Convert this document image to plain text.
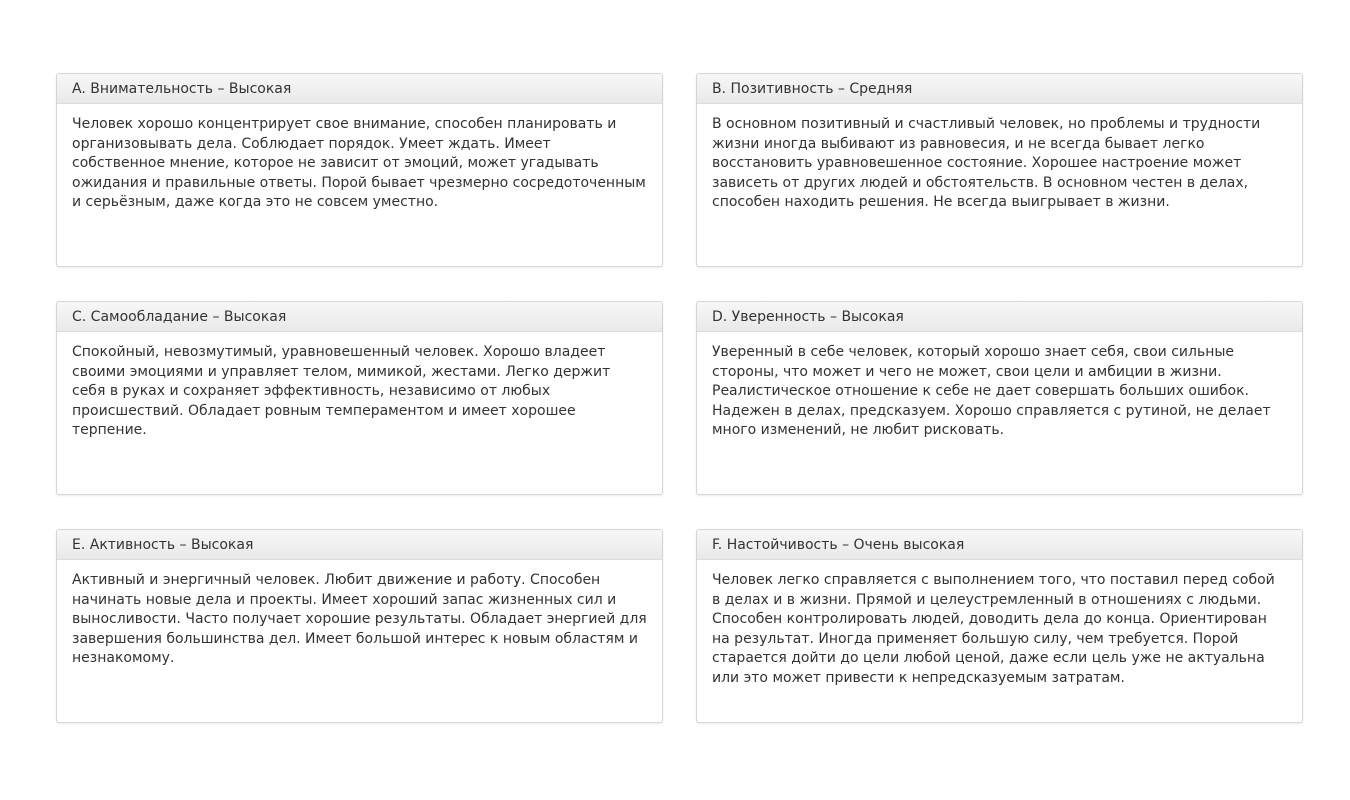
A. Внимательность – Высокая
Человек хорошо концентрирует свое внимание, способен планировать и организовывать дела. Соблюдает порядок. Умеет ждать. Имеет собственное мнение, которое не зависит от эмоций, может угадывать ожидания и правильные ответы. Порой бывает чрезмерно сосредоточенным и серьёзным, даже когда это не совсем уместно.
B. Позитивность – Средняя
В основном позитивный и счастливый человек, но проблемы и трудности жизни иногда выбивают из равновесия, и не всегда бывает легко восстановить уравновешенное состояние. Хорошее настроение может зависеть от других людей и обстоятельств. В основном честен в делах, способен находить решения. Не всегда выигрывает в жизни.
C. Самообладание – Высокая
Спокойный, невозмутимый, уравновешенный человек. Хорошо владеет своими эмоциями и управляет телом, мимикой, жестами. Легко держит себя в руках и сохраняет эффективность, независимо от любых происшествий. Обладает ровным темпераментом и имеет хорошее терпение.
D. Уверенность – Высокая
Уверенный в себе человек, который хорошо знает себя, свои сильные стороны, что может и чего не может, свои цели и амбиции в жизни. Реалистическое отношение к себе не дает совершать больших ошибок. Надежен в делах, предсказуем. Хорошо справляется с рутиной, не делает много изменений, не любит рисковать.
E. Активность – Высокая
Активный и энергичный человек. Любит движение и работу. Способен начинать новые дела и проекты. Имеет хороший запас жизненных сил и выносливости. Часто получает хорошие результаты. Обладает энергией для завершения большинства дел. Имеет большой интерес к новым областям и незнакомому.
F. Настойчивость – Очень высокая
Человек легко справляется с выполнением того, что поставил перед собой в делах и в жизни. Прямой и целеустремленный в отношениях с людьми. Способен контролировать людей, доводить дела до конца. Ориентирован на результат. Иногда применяет большую силу, чем требуется. Порой старается дойти до цели любой ценой, даже если цель уже не актуальна или это может привести к непредсказуемым затратам.
